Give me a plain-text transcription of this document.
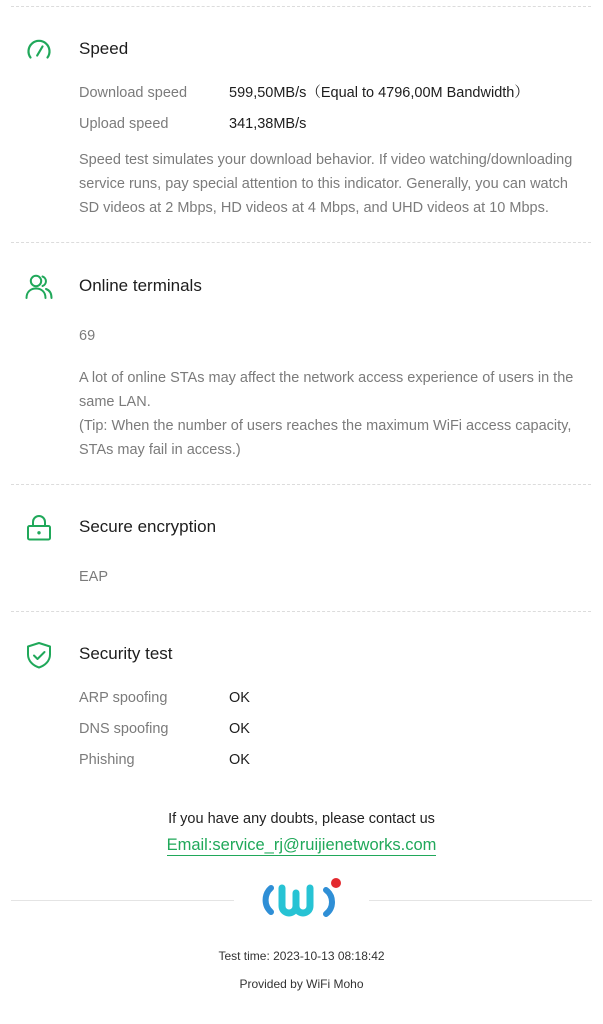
Speed
Download speed	599,50MB/s（Equal to 4796,00M Bandwidth）
Upload speed	341,38MB/s

Speed test simulates your download behavior. If video watching/downloading service runs, pay special attention to this indicator. Generally, you can watch SD videos at 2 Mbps, HD videos at 4 Mbps, and UHD videos at 10 Mbps.

Online terminals
69

A lot of online STAs may affect the network access experience of users in the same LAN.

(Tip: When the number of users reaches the maximum WiFi access capacity, STAs may fail in access.)

Secure encryption
EAP
Security test
ARP spoofing	OK
DNS spoofing	OK
Phishing	OK
If you have any doubts, please contact us
Email:service_rj@ruijienetworks.com
Test time: 2023-10-13 08:18:42
Provided by WiFi Moho
